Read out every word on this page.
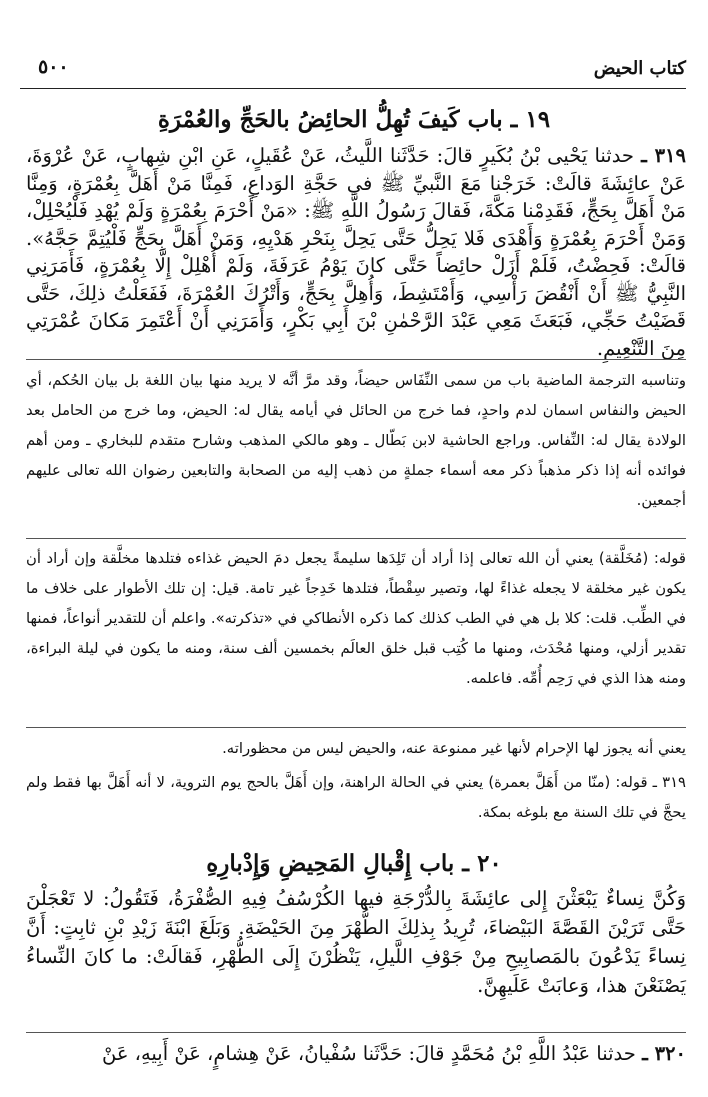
كتاب الحيض
٥٠٠
١٩ ـ باب كَيفَ تُهِلُّ الحائِضُ بالحَجِّ والعُمْرَةِ
٣١٩ ـ حدثنا يَحْيى بْنُ بُكَيرٍ قالَ: حَدَّثَنا اللَّيثُ، عَنْ عُقَيلٍ، عَنِ ابْنِ شِهابٍ، عَنْ عُرْوَةَ، عَنْ عائِشَةَ قالَتْ: خَرَجْنا مَعَ النَّبيِّ ﷺ في حَجَّةِ الوَداعِ، فَمِنَّا مَنْ أَهَلَّ بِعُمْرَةٍ، وَمِنَّا مَنْ أَهَلَّ بِحَجٍّ، فَقَدِمْنا مَكَّةَ، فَقالَ رَسُولُ اللَّهِ ﷺ: «مَنْ أَحْرَمَ بِعُمْرَةٍ وَلَمْ يُهْدِ فَلْيُحْلِلْ، وَمَنْ أَحْرَمَ بِعُمْرَةٍ وَأَهْدَى فَلا يَحِلُّ حَتَّى يَحِلَّ بِنَحْرِ هَدْيِهِ، وَمَنْ أَهَلَّ بِحَجٍّ فَلْيُتِمَّ حَجَّهُ». قالَتْ: فَحِضْتُ، فَلَمْ أَزَلْ حائِضاً حَتَّى كانَ يَوْمُ عَرَفَةَ، وَلَمْ أُهْلِلْ إِلَّا بِعُمْرَةٍ، فَأَمَرَنِي النَّبِيُّ ﷺ أَنْ أَنْقُضَ رَأْسِي، وَأَمْتَشِطَ، وَأُهِلَّ بِحَجٍّ، وَأَتْرُكَ العُمْرَةَ، فَفَعَلْتُ ذلِكَ، حَتَّى قَضَيْتُ حَجِّي، فَبَعَثَ مَعِي عَبْدَ الرَّحْمٰنِ بْنَ أَبِي بَكْرٍ، وَأَمَرَنِي أَنْ أَعْتَمِرَ مَكانَ عُمْرَتِي مِنَ التَّنْعِيمِ.
وتناسبه الترجمة الماضية باب من سمى النِّفَاس حيضاً، وقد مرَّ أنَّه لا يريد منها بيان اللغة بل بيان الحُكم، أي الحيض والنفاس اسمان لدم واحدٍ، فما خرج من الحائل في أيامه يقال له: الحيض، وما خرج من الحامل بعد الولادة يقال له: النِّفاس. وراجع الحاشية لابن بَطّال ـ وهو مالكي المذهب وشارح متقدم للبخاري ـ ومن أهم فوائده أنه إذا ذكر مذهباً ذكر معه أسماء جملةٍ من ذهب إليه من الصحابة والتابعين رضوان الله تعالى عليهم أجمعين.
قوله: (مُخَلَّقة) يعني أن الله تعالى إذا أراد أن تَلِدَها سليمةً يجعل دمَ الحيض غذاءه فتلدها مخلَّقة وإن أراد أن يكون غير مخلقة لا يجعله غذاءً لها، وتصير سِقْطاً، فتلدها خَدِجاً غير تامة. قيل: إن تلك الأطوار على خلاف ما في الطِّب. قلت: كلا بل هي في الطب كذلك كما ذكره الأنطاكي في «تذكرته». واعلم أن للتقدير أنواعاً، فمنها تقدير أزلي، ومنها مُحْدَث، ومنها ما كُتِب قبل خلق العالَم بخمسين ألف سنة، ومنه ما يكون في ليلة البراءة، ومنه هذا الذي في رَحِم أُمِّه. فاعلمه.
يعني أنه يجوز لها الإحرام لأنها غير ممنوعة عنه، والحيض ليس من محظوراته.
٣١٩ ـ قوله: (منّا من أَهَلَّ بعمرة) يعني في الحالة الراهنة، وإن أَهَلَّ بالحج يوم التروية، لا أنه أَهَلَّ بها فقط ولم يحجَّ في تلك السنة مع بلوغه بمكة.
٢٠ ـ باب إِقْبالِ المَحِيضِ وَإِدْبارِهِ
وَكُنَّ نِساءٌ يَبْعَثْنَ إِلى عائِشَةَ بِالدُّرْجَةِ فيها الكُرْسُفُ فِيهِ الصُّفْرَةُ، فَتَقُولُ: لا تَعْجَلْنَ حَتَّى تَرَيْنَ القَصَّةَ البَيْضاءَ، تُرِيدُ بِذلِكَ الطُّهْرَ مِنَ الحَيْضَةِ. وَبَلَغَ ابْنَةَ زَيْدِ بْنِ ثابِتٍ: أَنَّ نِساءً يَدْعُونَ بالمَصابِيحِ مِنْ جَوْفِ اللَّيلِ، يَنْظُرْنَ إِلَى الطُّهْرِ، فَقالَتْ: ما كانَ النِّساءُ يَصْنَعْنَ هذا، وَعابَتْ عَلَيهِنَّ.
٣٢٠ ـ حدثنا عَبْدُ اللَّهِ بْنُ مُحَمَّدٍ قالَ: حَدَّثَنا سُفْيانُ، عَنْ هِشامٍ، عَنْ أَبِيهِ، عَنْ
